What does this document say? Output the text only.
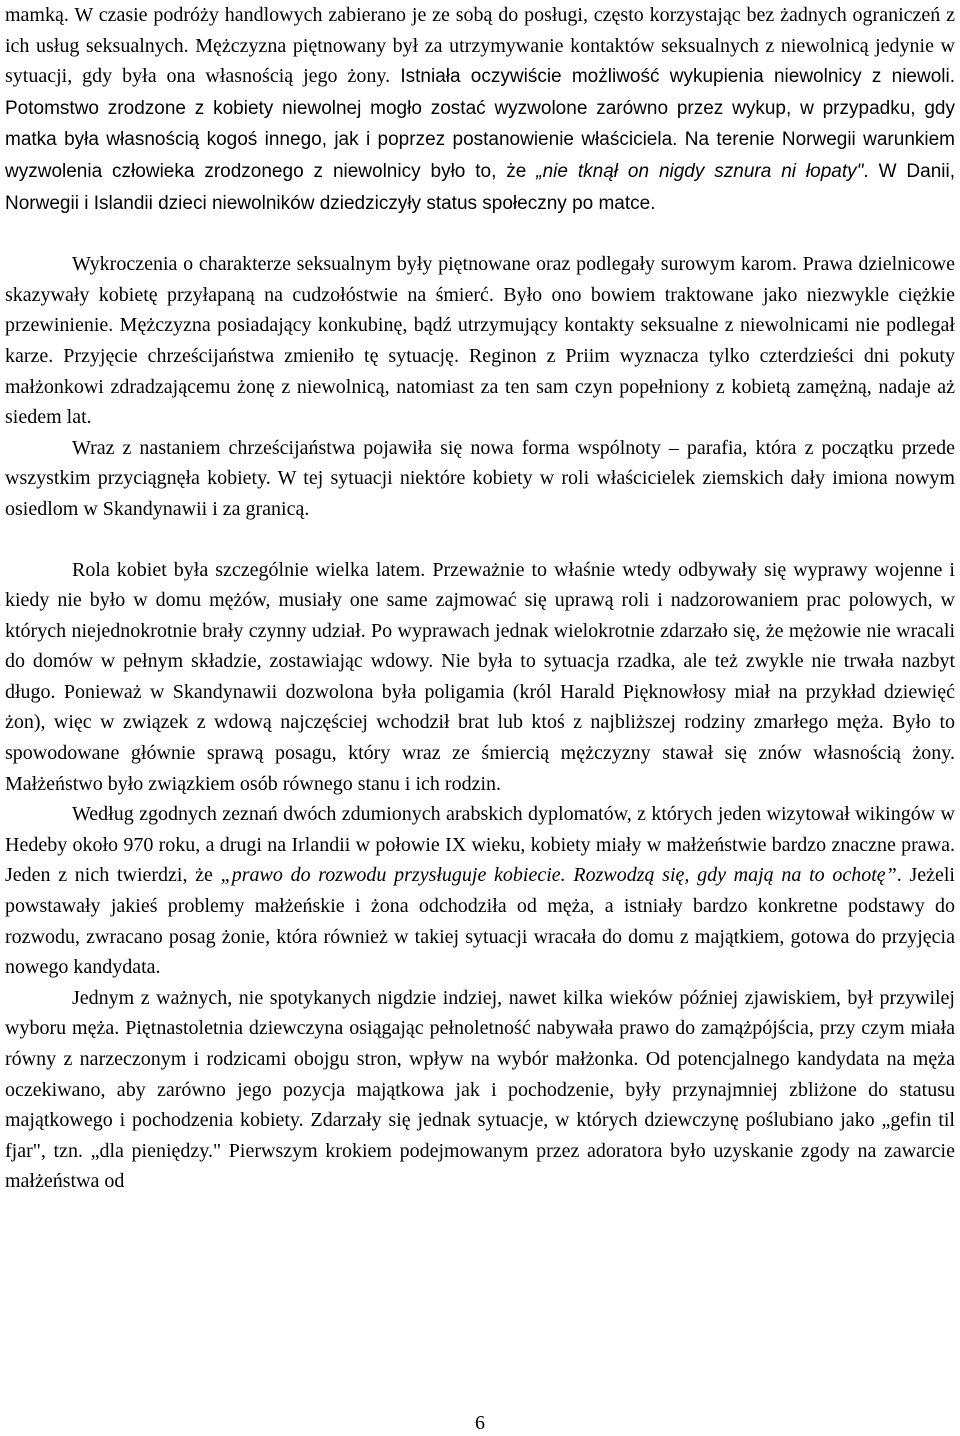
mamką. W czasie podróży handlowych zabierano je ze sobą do posługi, często korzystając bez żadnych ograniczeń z ich usług seksualnych. Mężczyzna piętnowany był za utrzymywanie kontaktów seksualnych z niewolnicą jedynie w sytuacji, gdy była ona własnością jego żony. Istniała oczywiście możliwość wykupienia niewolnicy z niewoli. Potomstwo zrodzone z kobiety niewolnej mogło zostać wyzwolone zarówno przez wykup, w przypadku, gdy matka była własnością kogoś innego, jak i poprzez postanowienie właściciela. Na terenie Norwegii warunkiem wyzwolenia człowieka zrodzonego z niewolnicy było to, że „nie tknął on nigdy sznura ni łopaty". W Danii, Norwegii i Islandii dzieci niewolników dziedziczyły status społeczny po matce.

Wykroczenia o charakterze seksualnym były piętnowane oraz podlegały surowym karom. Prawa dzielnicowe skazywały kobietę przyłapaną na cudzołóstwie na śmierć. Było ono bowiem traktowane jako niezwykle ciężkie przewinienie. Mężczyzna posiadający konkubinę, bądź utrzymujący kontakty seksualne z niewolnicami nie podlegał karze. Przyjęcie chrześcijaństwa zmieniło tę sytuację. Reginon z Priim wyznacza tylko czterdzieści dni pokuty małżonkowi zdradzającemu żonę z niewolnicą, natomiast za ten sam czyn popełniony z kobietą zamężną, nadaje aż siedem lat.

Wraz z nastaniem chrześcijaństwa pojawiła się nowa forma wspólnoty – parafia, która z początku przede wszystkim przyciągnęła kobiety. W tej sytuacji niektóre kobiety w roli właścicielek ziemskich dały imiona nowym osiedlom w Skandynawii i za granicą.

Rola kobiet była szczególnie wielka latem. Przeważnie to właśnie wtedy odbywały się wyprawy wojenne i kiedy nie było w domu mężów, musiały one same zajmować się uprawą roli i nadzorowaniem prac polowych, w których niejednokrotnie brały czynny udział. Po wyprawach jednak wielokrotnie zdarzało się, że mężowie nie wracali do domów w pełnym składzie, zostawiając wdowy. Nie była to sytuacja rzadka, ale też zwykle nie trwała nazbyt długo. Ponieważ w Skandynawii dozwolona była poligamia (król Harald Pięknowłosy miał na przykład dziewięć żon), więc w związek z wdową najczęściej wchodził brat lub ktoś z najbliższej rodziny zmarłego męża. Było to spowodowane głównie sprawą posagu, który wraz ze śmiercią mężczyzny stawał się znów własnością żony. Małżeństwo było związkiem osób równego stanu i ich rodzin.

Według zgodnych zeznań dwóch zdumionych arabskich dyplomatów, z których jeden wizytował wikingów w Hedeby około 970 roku, a drugi na Irlandii w połowie IX wieku, kobiety miały w małżeństwie bardzo znaczne prawa. Jeden z nich twierdzi, że „prawo do rozwodu przysługuje kobiecie. Rozwodzą się, gdy mają na to ochotę”. Jeżeli powstawały jakieś problemy małżeńskie i żona odchodziła od męża, a istniały bardzo konkretne podstawy do rozwodu, zwracano posag żonie, która również w takiej sytuacji wracała do domu z majątkiem, gotowa do przyjęcia nowego kandydata.

Jednym z ważnych, nie spotykanych nigdzie indziej, nawet kilka wieków później zjawiskiem, był przywilej wyboru męża. Piętnastoletnia dziewczyna osiągając pełnoletność nabywała prawo do zamążpójścia, przy czym miała równy z narzeczonym i rodzicami obojgu stron, wpływ na wybór małżonka. Od potencjalnego kandydata na męża oczekiwano, aby zarówno jego pozycja majątkowa jak i pochodzenie, były przynajmniej zbliżone do statusu majątkowego i pochodzenia kobiety. Zdarzały się jednak sytuacje, w których dziewczynę poślubiano jako „gefin til fjar", tzn. „dla pieniędzy." Pierwszym krokiem podejmowanym przez adoratora było uzyskanie zgody na zawarcie małżeństwa od

6
